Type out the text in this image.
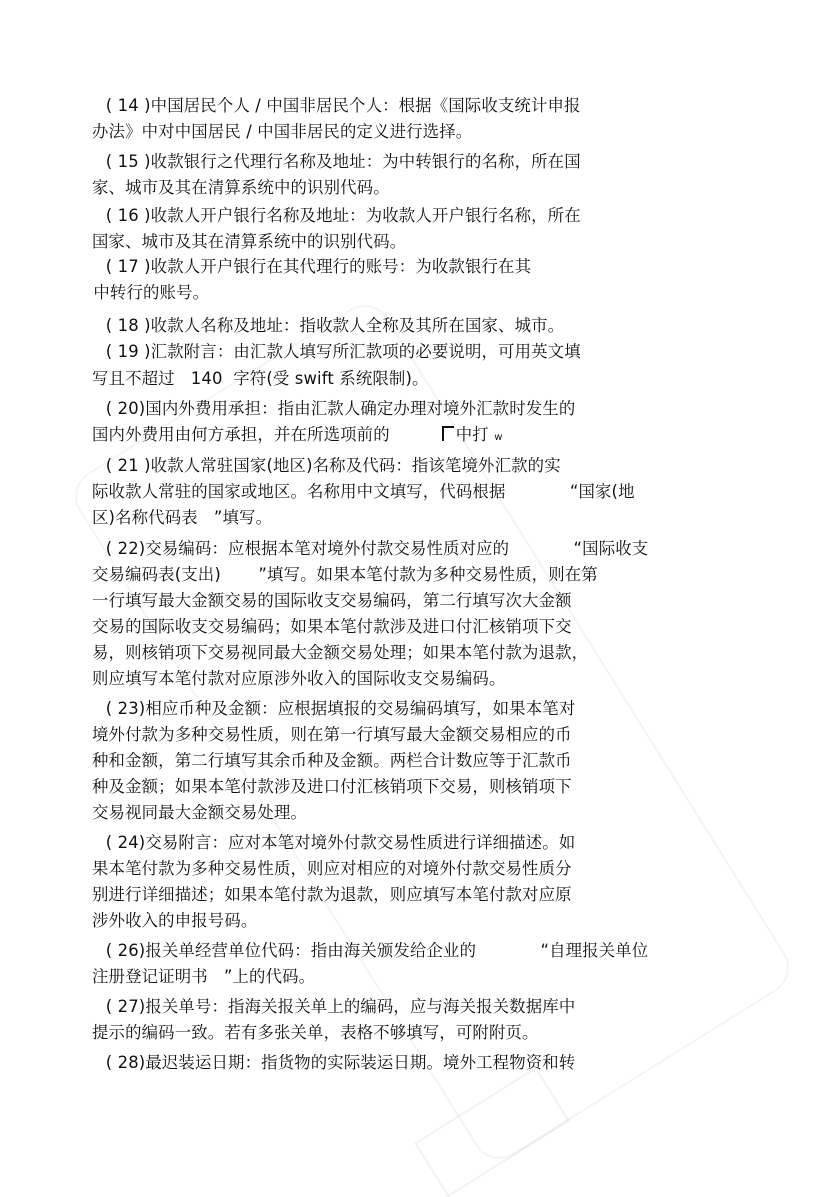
( 14 )中国居民个人 / 中国非居民个人：根据《国际收支统计申报

办法》中对中国居民 / 中国非居民的定义进行选择。

( 15 )收款银行之代理行名称及地址：为中转银行的名称，所在国

家、城市及其在清算系统中的识别代码。

( 16 )收款人开户银行名称及地址：为收款人开户银行名称，所在

国家、城市及其在清算系统中的识别代码。

( 17 )收款人开户银行在其代理行的账号：为收款银行在其

中转行的账号。

( 18 )收款人名称及地址：指收款人全称及其所在国家、城市。

( 19 )汇款附言：由汇款人填写所汇款项的必要说明，可用英文填

写且不超过   140  字符(受 swift 系统限制)。

( 20)国内外费用承担：指由汇款人确定办理对境外汇款时发生的

国内外费用由何方承担，并在所选项前的	中打 w

( 21 )收款人常驻国家(地区)名称及代码：指该笔境外汇款的实

际收款人常驻的国家或地区。名称用中文填写，代码根据            “国家(地

区)名称代码表   ”填写。

( 22)交易编码：应根据本笔对境外付款交易性质对应的            “国际收支

交易编码表(支出)       ”填写。如果本笔付款为多种交易性质，则在第

一行填写最大金额交易的国际收支交易编码，第二行填写次大金额

交易的国际收支交易编码；如果本笔付款涉及进口付汇核销项下交

易，则核销项下交易视同最大金额交易处理；如果本笔付款为退款，

则应填写本笔付款对应原涉外收入的国际收支交易编码。

( 23)相应币种及金额：应根据填报的交易编码填写，如果本笔对

境外付款为多种交易性质，则在第一行填写最大金额交易相应的币

种和金额，第二行填写其余币种及金额。两栏合计数应等于汇款币

种及金额；如果本笔付款涉及进口付汇核销项下交易，则核销项下

交易视同最大金额交易处理。

( 24)交易附言：应对本笔对境外付款交易性质进行详细描述。如

果本笔付款为多种交易性质，则应对相应的对境外付款交易性质分

别进行详细描述；如果本笔付款为退款，则应填写本笔付款对应原

涉外收入的申报号码。

( 26)报关单经营单位代码：指由海关颁发给企业的            “自理报关单位

注册登记证明书   ”上的代码。

( 27)报关单号：指海关报关单上的编码，应与海关报关数据库中

提示的编码一致。若有多张关单，表格不够填写，可附附页。

( 28)最迟装运日期：指货物的实际装运日期。境外工程物资和转
